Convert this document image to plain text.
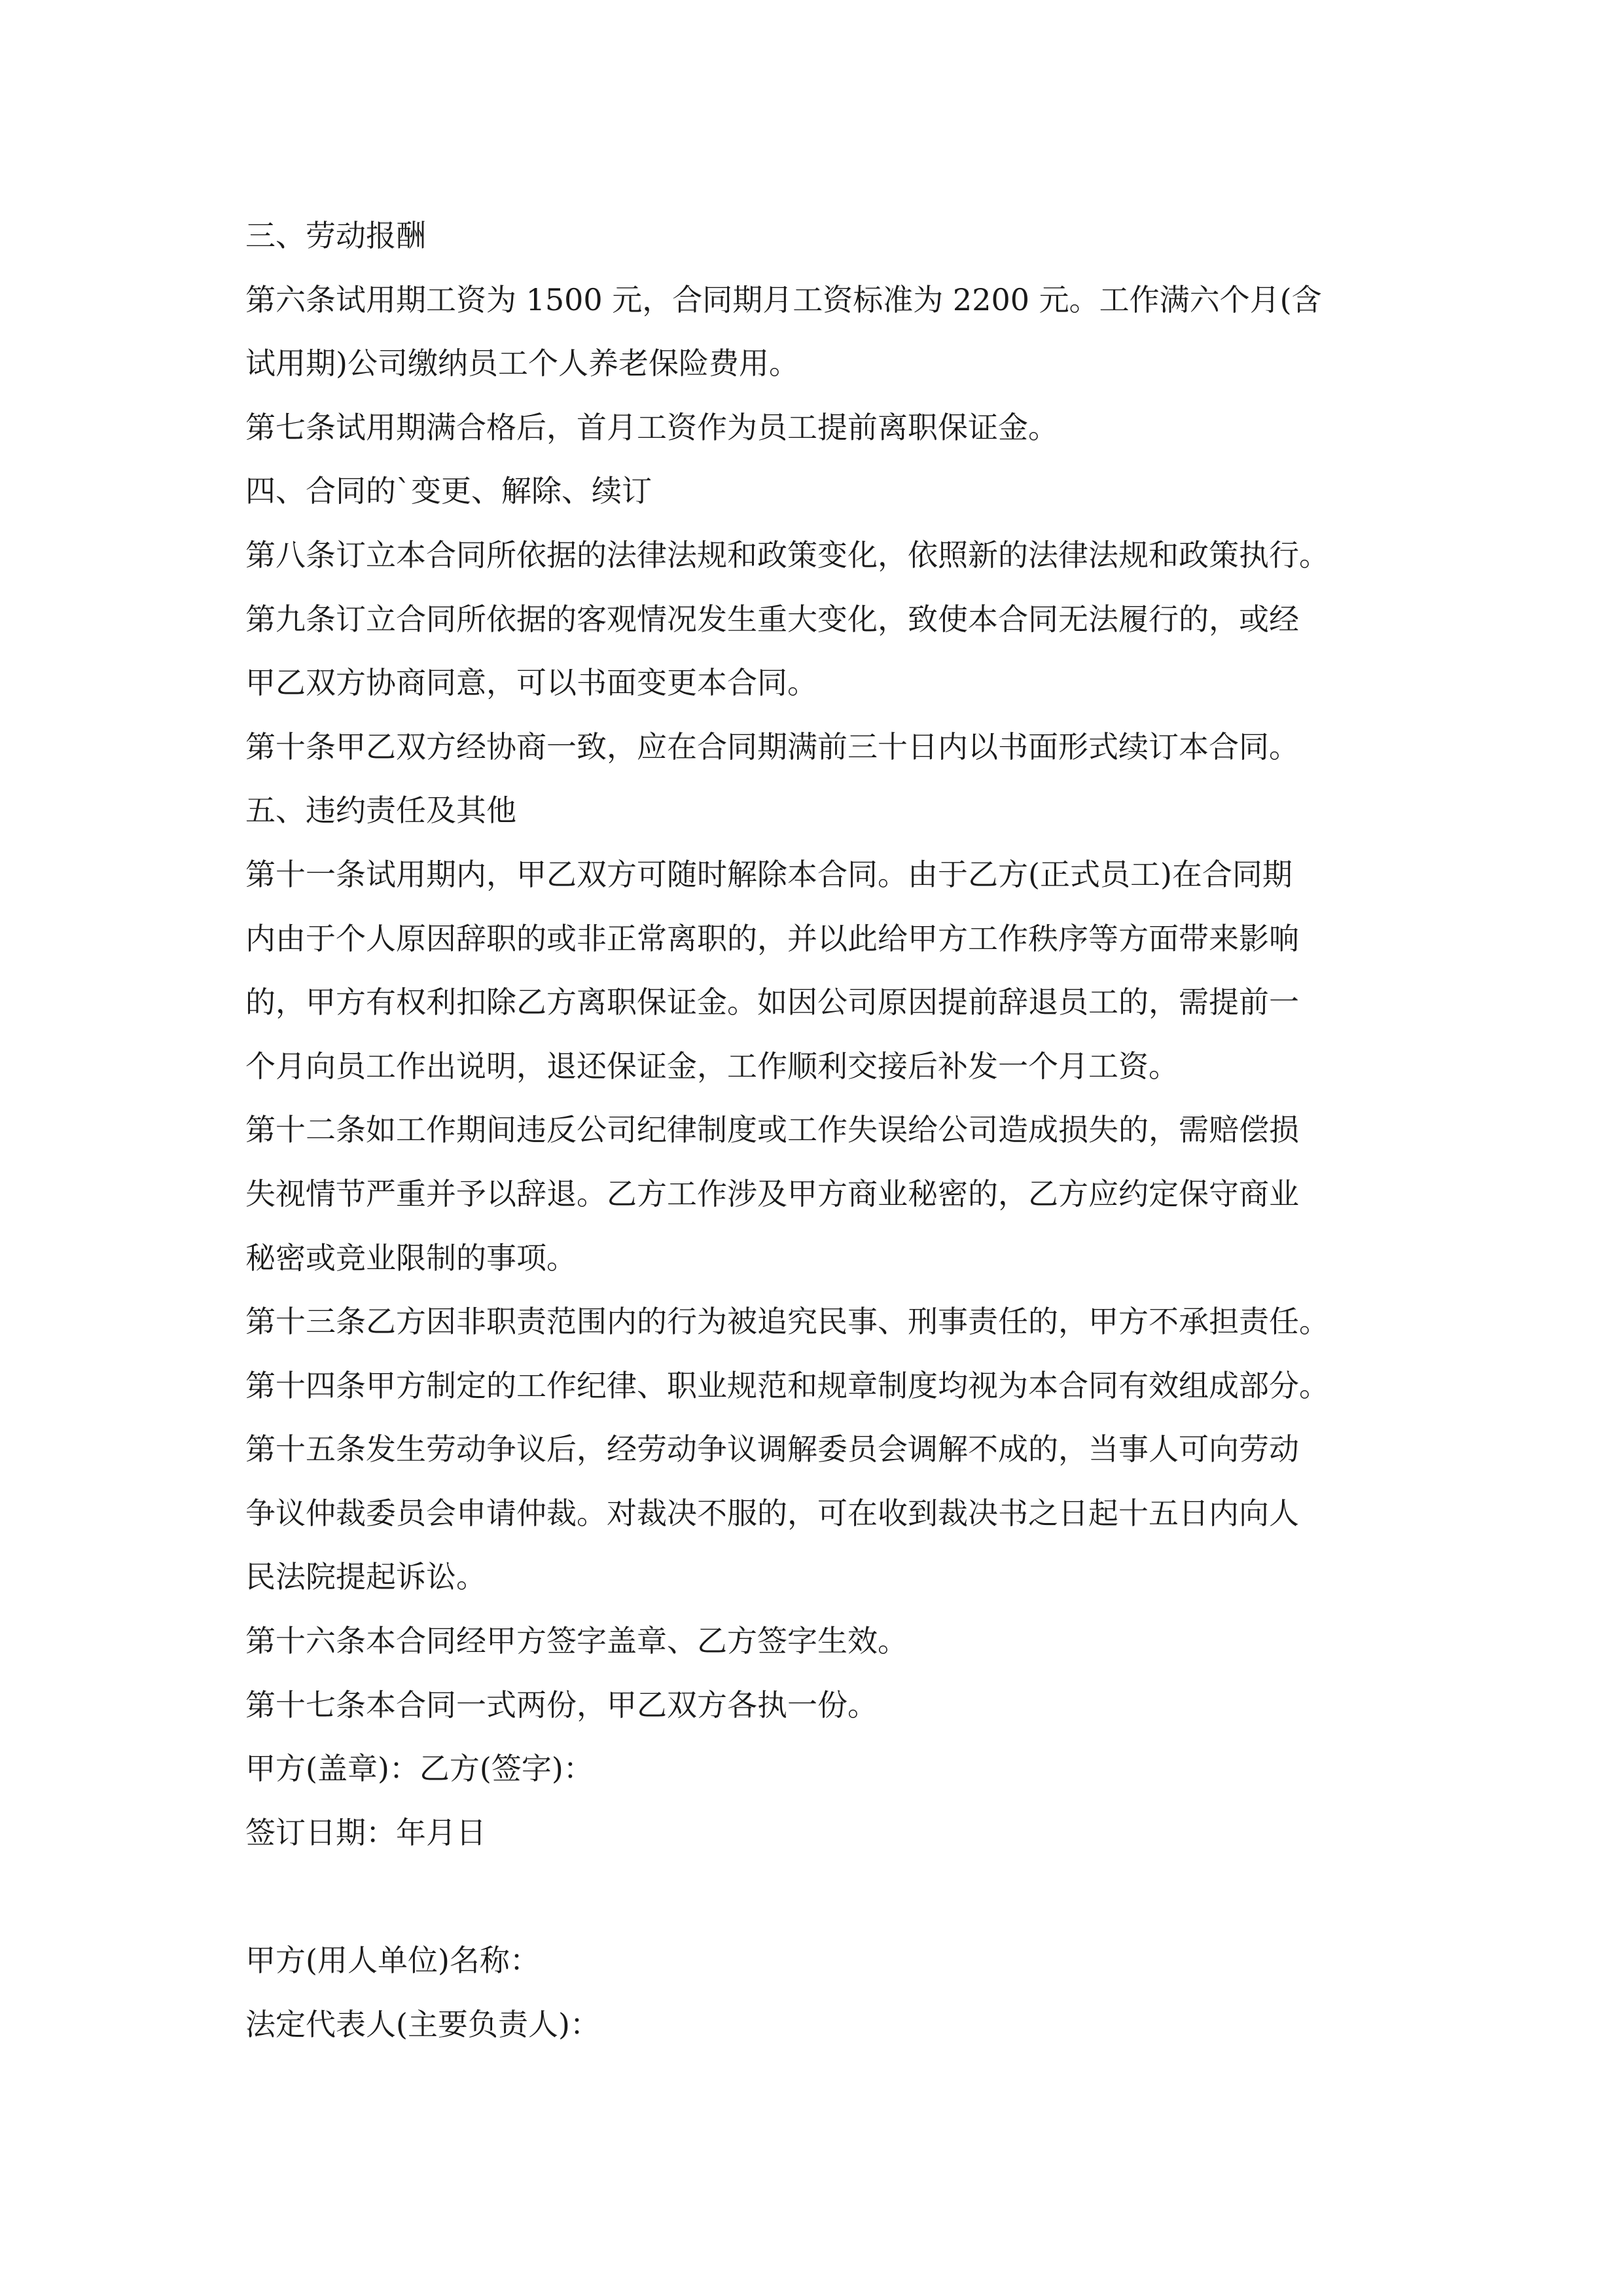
三、劳动报酬

第六条试用期工资为 1500 元，合同期月工资标准为 2200 元。工作满六个月(含

试用期)公司缴纳员工个人养老保险费用。

第七条试用期满合格后，首月工资作为员工提前离职保证金。

四、合同的`变更、解除、续订

第八条订立本合同所依据的法律法规和政策变化，依照新的法律法规和政策执行。

第九条订立合同所依据的客观情况发生重大变化，致使本合同无法履行的，或经

甲乙双方协商同意，可以书面变更本合同。

第十条甲乙双方经协商一致，应在合同期满前三十日内以书面形式续订本合同。

五、违约责任及其他

第十一条试用期内，甲乙双方可随时解除本合同。由于乙方(正式员工)在合同期

内由于个人原因辞职的或非正常离职的，并以此给甲方工作秩序等方面带来影响

的，甲方有权利扣除乙方离职保证金。如因公司原因提前辞退员工的，需提前一

个月向员工作出说明，退还保证金，工作顺利交接后补发一个月工资。

第十二条如工作期间违反公司纪律制度或工作失误给公司造成损失的，需赔偿损

失视情节严重并予以辞退。乙方工作涉及甲方商业秘密的，乙方应约定保守商业

秘密或竞业限制的事项。

第十三条乙方因非职责范围内的行为被追究民事、刑事责任的，甲方不承担责任。

第十四条甲方制定的工作纪律、职业规范和规章制度均视为本合同有效组成部分。

第十五条发生劳动争议后，经劳动争议调解委员会调解不成的，当事人可向劳动

争议仲裁委员会申请仲裁。对裁决不服的，可在收到裁决书之日起十五日内向人

民法院提起诉讼。

第十六条本合同经甲方签字盖章、乙方签字生效。

第十七条本合同一式两份，甲乙双方各执一份。

甲方(盖章)：乙方(签字)：

签订日期：年月日

甲方(用人单位)名称：

法定代表人(主要负责人)：
